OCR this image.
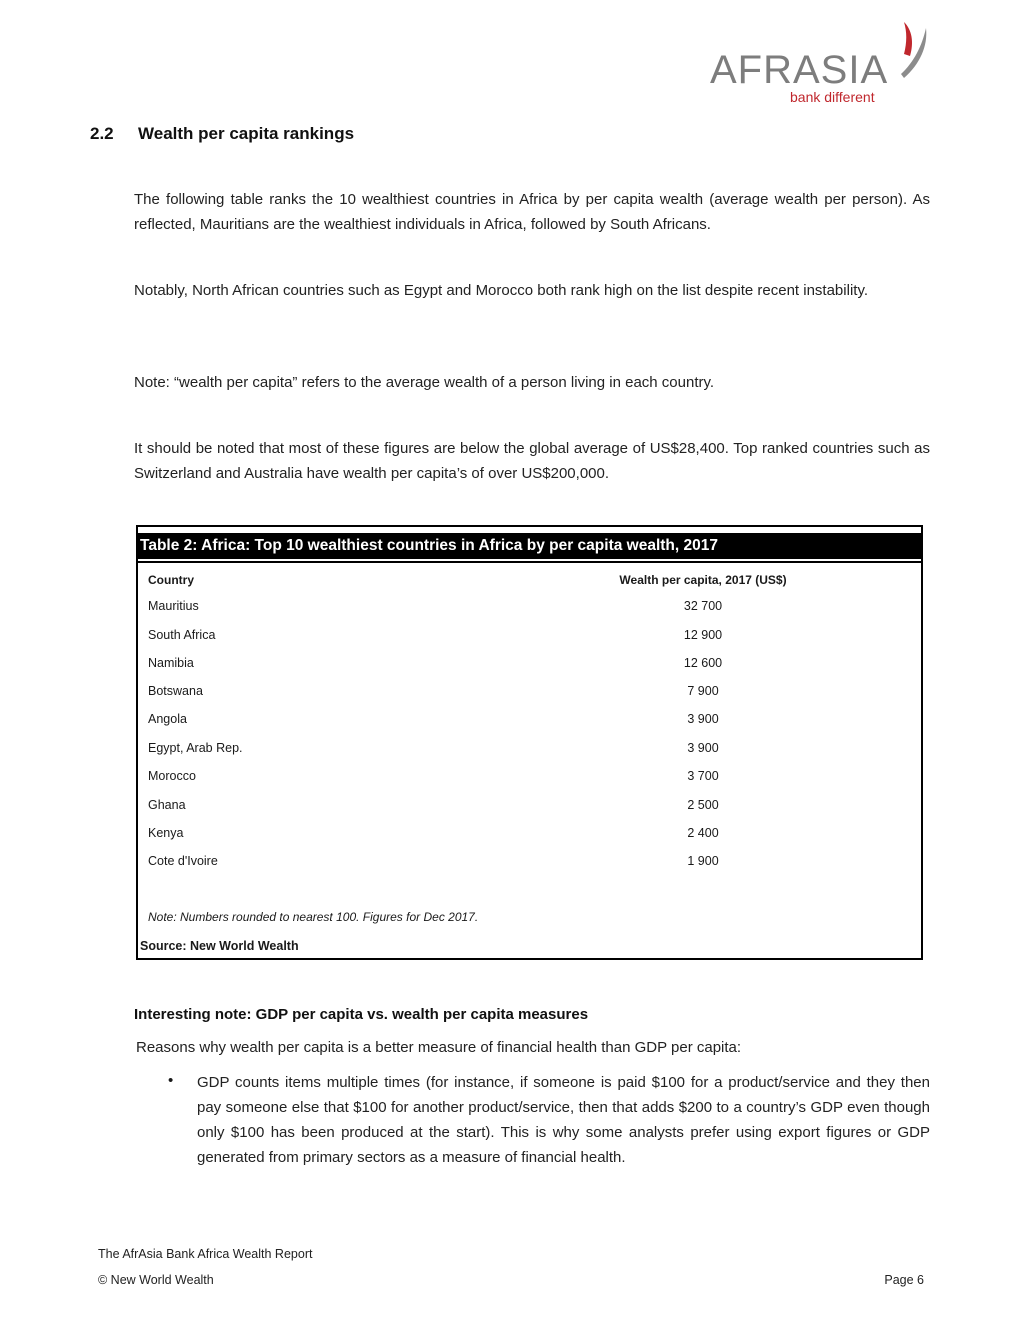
AFRASIA
bank different
2.2 Wealth per capita rankings

The following table ranks the 10 wealthiest countries in Africa by per capita wealth (average wealth per person). As reflected, Mauritians are the wealthiest individuals in Africa, followed by South Africans.

Notably, North African countries such as Egypt and Morocco both rank high on the list despite recent instability.

Note: “wealth per capita” refers to the average wealth of a person living in each country.

It should be noted that most of these figures are below the global average of US$28,400. Top ranked countries such as Switzerland and Australia have wealth per capita’s of over US$200,000.

Table 2: Africa: Top 10 wealthiest countries in Africa by per capita wealth, 2017
Country	Wealth per capita, 2017 (US$)
Mauritius	32 700
South Africa	12 900
Namibia	12 600
Botswana	7 900
Angola	3 900
Egypt, Arab Rep.	3 900
Morocco	3 700
Ghana	2 500
Kenya	2 400
Cote d'Ivoire	1 900
Note: Numbers rounded to nearest 100. Figures for Dec 2017.
Source: New World Wealth
Interesting note: GDP per capita vs. wealth per capita measures
Reasons why wealth per capita is a better measure of financial health than GDP per capita:
• GDP counts items multiple times (for instance, if someone is paid $100 for a product/service and they then pay someone else that $100 for another product/service, then that adds $200 to a country’s GDP even though only $100 has been produced at the start). This is why some analysts prefer using export figures or GDP generated from primary sectors as a measure of financial health.

The AfrAsia Bank Africa Wealth Report
© New World Wealth	Page 6
